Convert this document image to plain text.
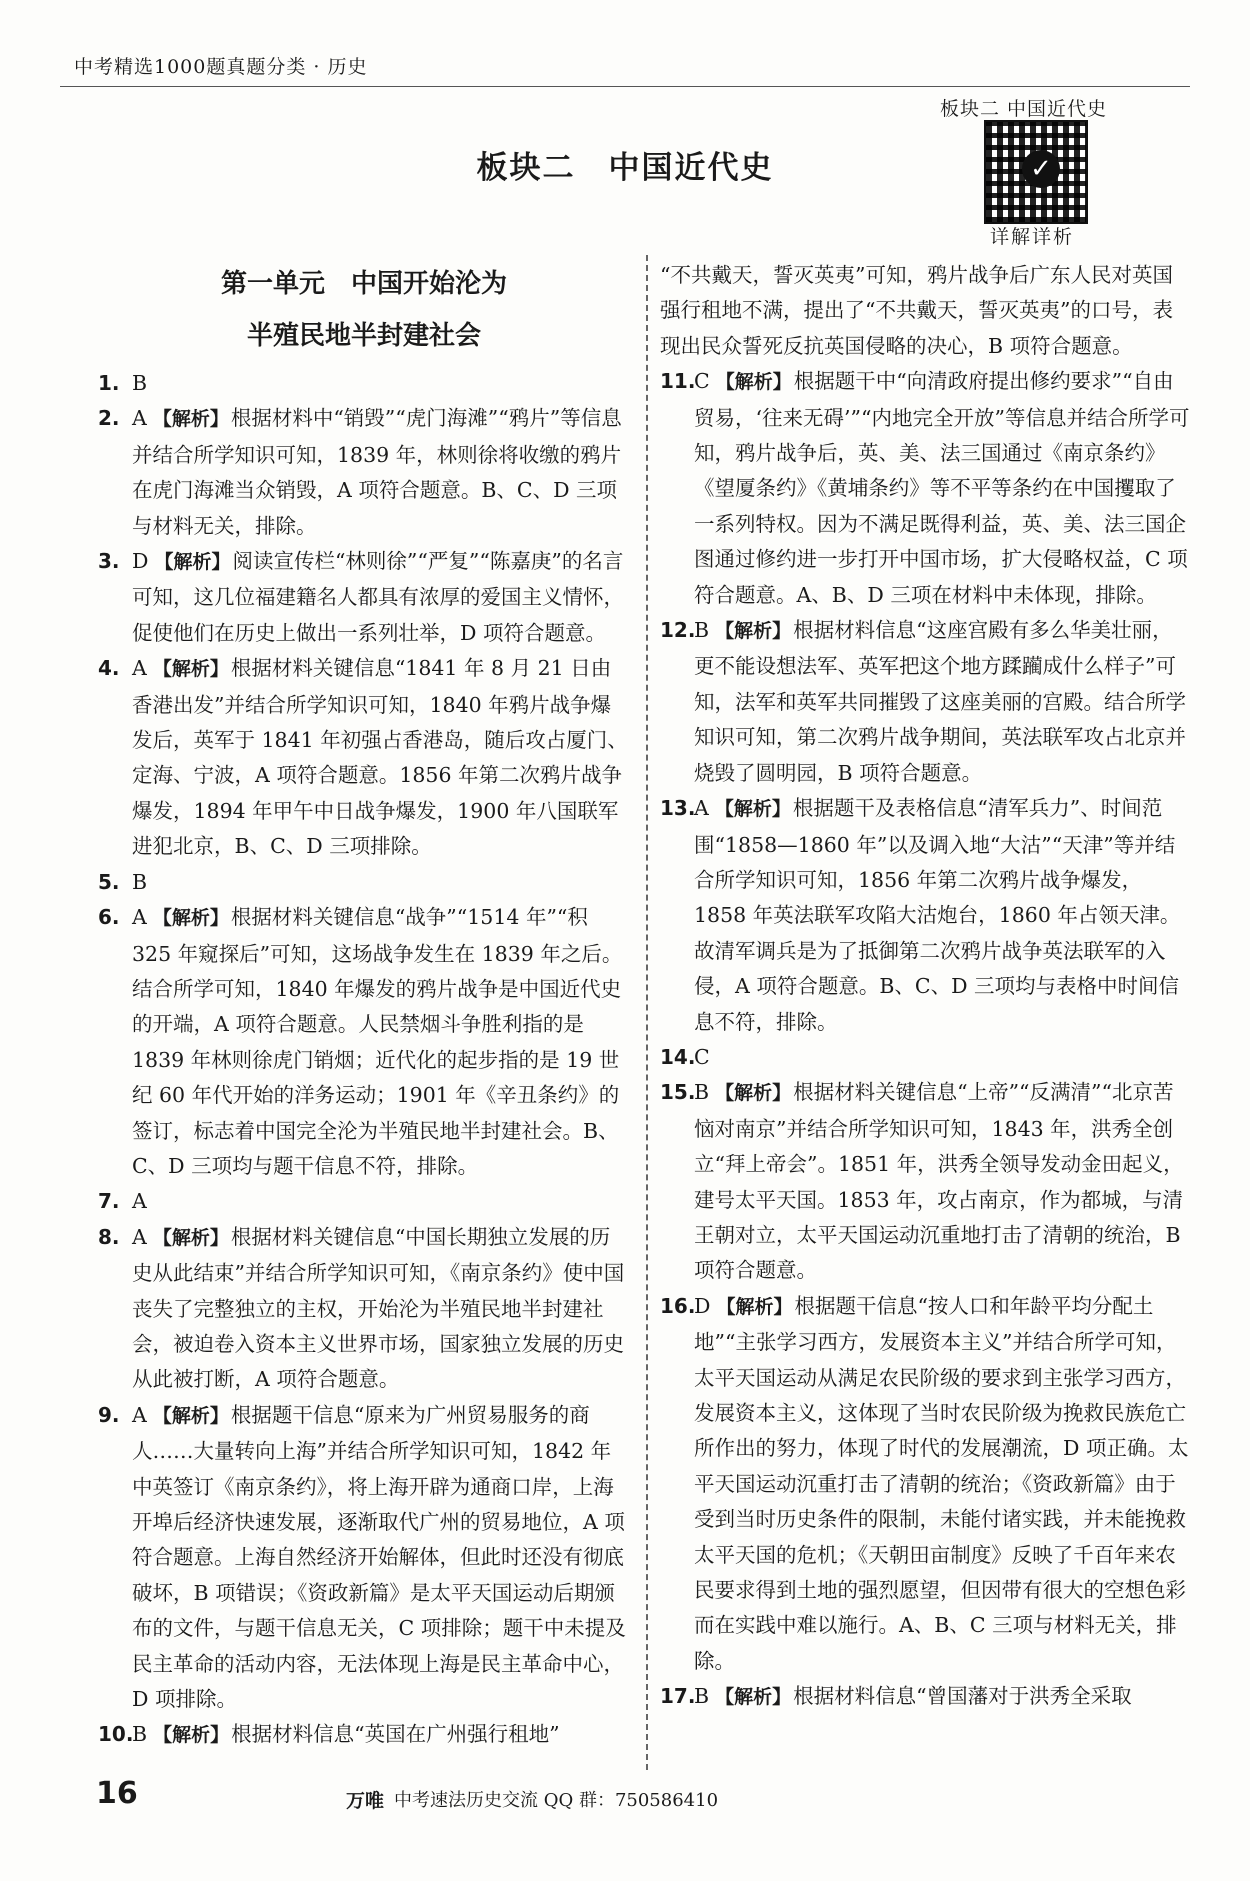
中考精选1000题真题分类 · 历史
板块二　中国近代史
板块二 中国近代史
✓
详解详析
第一单元　中国开始沦为
半殖民地半封建社会

1. B

2. A 【解析】根据材料中“销毁”“虎门海滩”“鸦片”等信息并结合所学知识可知，1839 年，林则徐将收缴的鸦片在虎门海滩当众销毁，A 项符合题意。B、C、D 三项与材料无关，排除。

3. D 【解析】阅读宣传栏“林则徐”“严复”“陈嘉庚”的名言可知，这几位福建籍名人都具有浓厚的爱国主义情怀，促使他们在历史上做出一系列壮举，D 项符合题意。

4. A 【解析】根据材料关键信息“1841 年 8 月 21 日由香港出发”并结合所学知识可知，1840 年鸦片战争爆发后，英军于 1841 年初强占香港岛，随后攻占厦门、定海、宁波，A 项符合题意。1856 年第二次鸦片战争爆发，1894 年甲午中日战争爆发，1900 年八国联军进犯北京，B、C、D 三项排除。

5. B

6. A 【解析】根据材料关键信息“战争”“1514 年”“积 325 年窥探后”可知，这场战争发生在 1839 年之后。结合所学可知，1840 年爆发的鸦片战争是中国近代史的开端，A 项符合题意。人民禁烟斗争胜利指的是 1839 年林则徐虎门销烟；近代化的起步指的是 19 世纪 60 年代开始的洋务运动；1901 年《辛丑条约》的签订，标志着中国完全沦为半殖民地半封建社会。B、C、D 三项均与题干信息不符，排除。

7. A

8. A 【解析】根据材料关键信息“中国长期独立发展的历史从此结束”并结合所学知识可知，《南京条约》使中国丧失了完整独立的主权，开始沦为半殖民地半封建社会，被迫卷入资本主义世界市场，国家独立发展的历史从此被打断，A 项符合题意。

9. A 【解析】根据题干信息“原来为广州贸易服务的商人……大量转向上海”并结合所学知识可知，1842 年中英签订《南京条约》，将上海开辟为通商口岸，上海开埠后经济快速发展，逐渐取代广州的贸易地位，A 项符合题意。上海自然经济开始解体，但此时还没有彻底破坏，B 项错误；《资政新篇》是太平天国运动后期颁布的文件，与题干信息无关，C 项排除；题干中未提及民主革命的活动内容，无法体现上海是民主革命中心，D 项排除。

10.
B 【解析】根据材料信息“英国在广州强行租地”

“不共戴天，誓灭英夷”可知，鸦片战争后广东人民对英国强行租地不满，提出了“不共戴天，誓灭英夷”的口号，表现出民众誓死反抗英国侵略的决心，B 项符合题意。

11.
C 【解析】根据题干中“向清政府提出修约要求”“自由贸易，‘往来无碍’”“内地完全开放”等信息并结合所学可知，鸦片战争后，英、美、法三国通过《南京条约》《望厦条约》《黄埔条约》等不平等条约在中国攫取了一系列特权。因为不满足既得利益，英、美、法三国企图通过修约进一步打开中国市场，扩大侵略权益，C 项符合题意。A、B、D 三项在材料中未体现，排除。

12.
B 【解析】根据材料信息“这座宫殿有多么华美壮丽，更不能设想法军、英军把这个地方蹂躏成什么样子”可知，法军和英军共同摧毁了这座美丽的宫殿。结合所学知识可知，第二次鸦片战争期间，英法联军攻占北京并烧毁了圆明园，B 项符合题意。

13.
A 【解析】根据题干及表格信息“清军兵力”、时间范围“1858—1860 年”以及调入地“大沽”“天津”等并结合所学知识可知，1856 年第二次鸦片战争爆发，1858 年英法联军攻陷大沽炮台，1860 年占领天津。故清军调兵是为了抵御第二次鸦片战争英法联军的入侵，A 项符合题意。B、C、D 三项均与表格中时间信息不符，排除。

14.
C

15.
B 【解析】根据材料关键信息“上帝”“反满清”“北京苦恼对南京”并结合所学知识可知，1843 年，洪秀全创立“拜上帝会”。1851 年，洪秀全领导发动金田起义，建号太平天国。1853 年，攻占南京，作为都城，与清王朝对立，太平天国运动沉重地打击了清朝的统治，B 项符合题意。

16.
D 【解析】根据题干信息“按人口和年龄平均分配土地”“主张学习西方，发展资本主义”并结合所学可知，太平天国运动从满足农民阶级的要求到主张学习西方，发展资本主义，这体现了当时农民阶级为挽救民族危亡所作出的努力，体现了时代的发展潮流，D 项正确。太平天国运动沉重打击了清朝的统治；《资政新篇》由于受到当时历史条件的限制，未能付诸实践，并未能挽救太平天国的危机；《天朝田亩制度》反映了千百年来农民要求得到土地的强烈愿望，但因带有很大的空想色彩而在实践中难以施行。A、B、C 三项与材料无关，排除。

17.
B 【解析】根据材料信息“曾国藩对于洪秀全采取

16	万唯 中考速法历史交流 QQ 群：750586410
